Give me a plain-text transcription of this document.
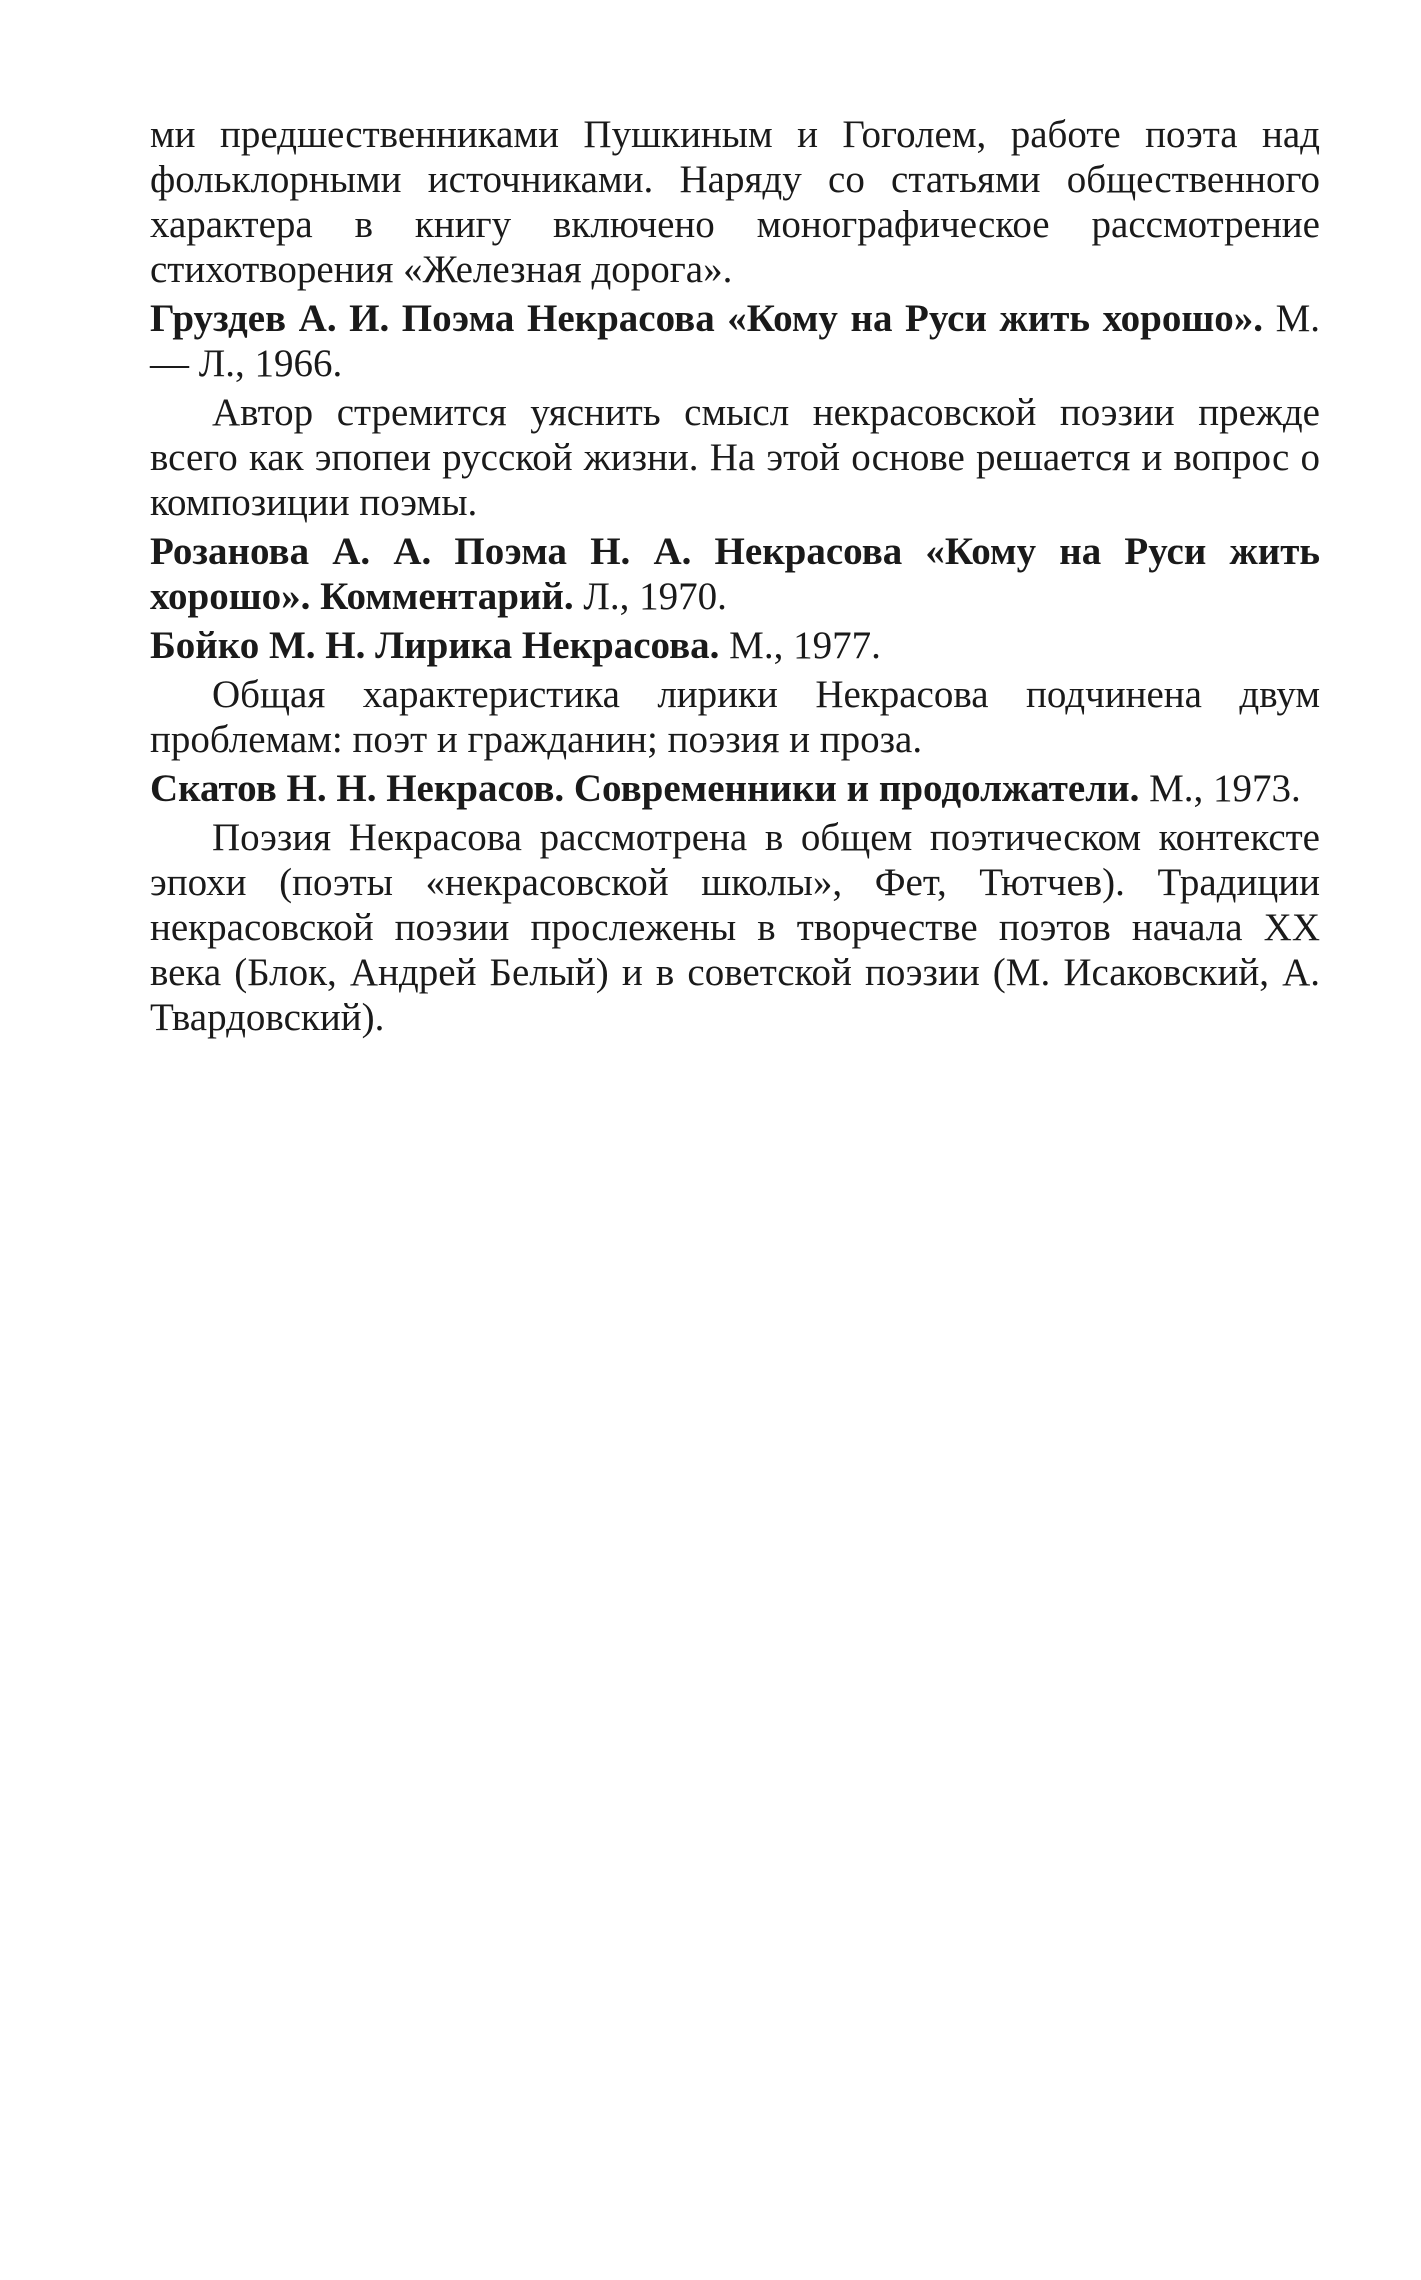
ми предшественниками Пушкиным и Гоголем, работе поэта над фольклорными источниками. Наряду со статьями общественного характера в книгу включено монографическое рассмотрение стихотворения «Железная дорога».

Груздев А. И. Поэма Некрасова «Кому на Руси жить хорошо». М. — Л., 1966.

Автор стремится уяснить смысл некрасовской поэзии прежде всего как эпопеи русской жизни. На этой основе решается и вопрос о композиции поэмы.

Розанова А. А. Поэма Н. А. Некрасова «Кому на Руси жить хорошо». Комментарий. Л., 1970.

Бойко М. Н. Лирика Некрасова. М., 1977.

Общая характеристика лирики Некрасова подчинена двум проблемам: поэт и гражданин; поэзия и проза.

Скатов Н. Н. Некрасов. Современники и продолжатели. М., 1973.

Поэзия Некрасова рассмотрена в общем поэтическом контексте эпохи (поэты «некрасовской школы», Фет, Тютчев). Традиции некрасовской поэзии прослежены в творчестве поэтов начала XX века (Блок, Андрей Белый) и в советской поэзии (М. Исаковский, А. Твардовский).
